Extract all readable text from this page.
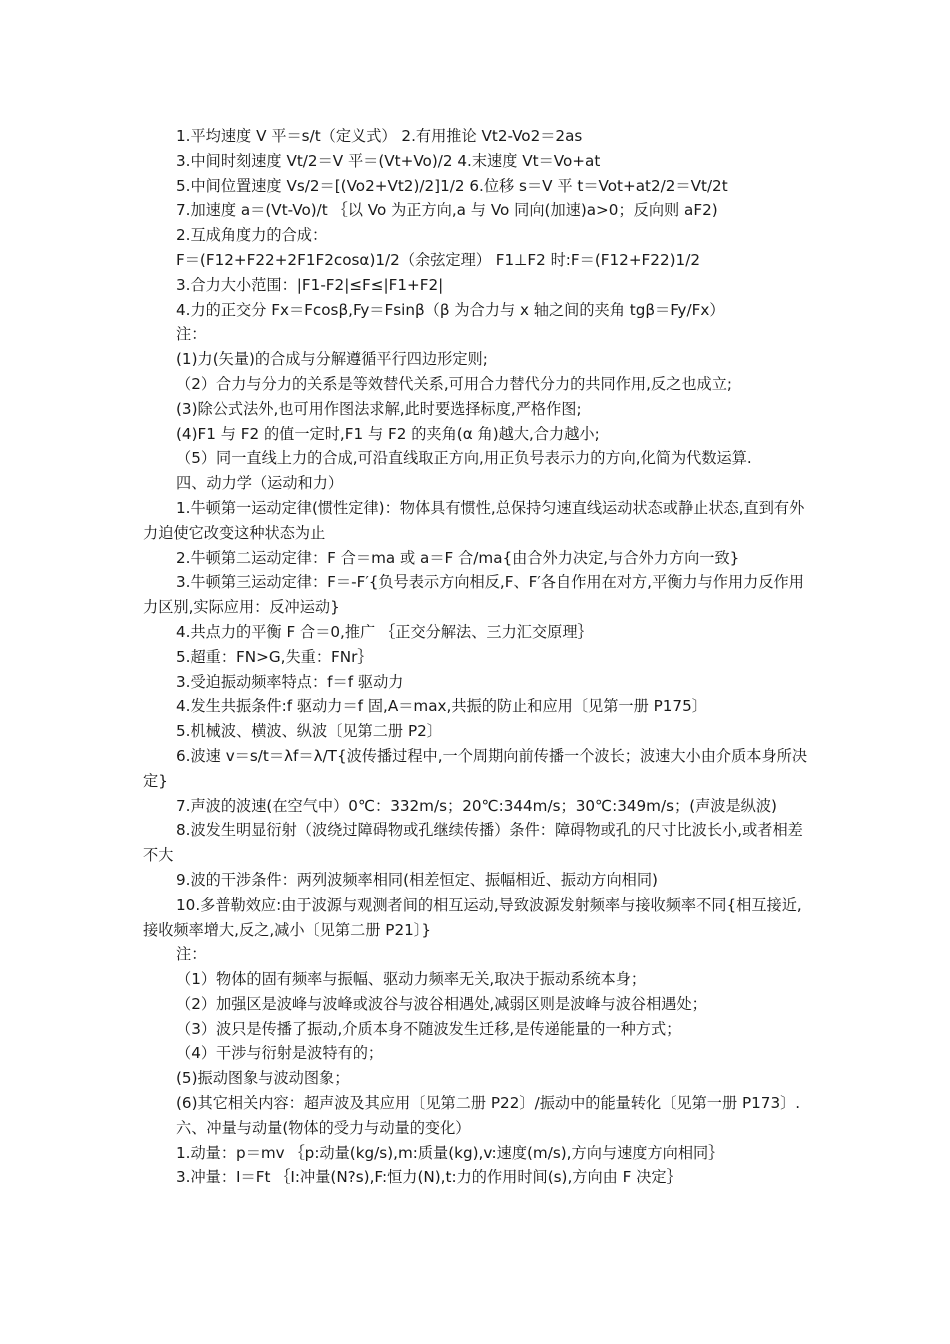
1.平均速度 V 平＝s/t（定义式） 2.有用推论 Vt2-Vo2＝2as
3.中间时刻速度 Vt/2＝V 平＝(Vt+Vo)/2 4.末速度 Vt＝Vo+at
5.中间位置速度 Vs/2＝[(Vo2+Vt2)/2]1/2 6.位移 s＝V 平 t＝Vot+at2/2＝Vt/2t
7.加速度 a＝(Vt-Vo)/t ｛以 Vo 为正方向,a 与 Vo 同向(加速)a>0；反向则 aF2)
2.互成角度力的合成：
F＝(F12+F22+2F1F2cosα)1/2（余弦定理） F1⊥F2 时:F＝(F12+F22)1/2
3.合力大小范围：|F1-F2|≤F≤|F1+F2|
4.力的正交分 Fx＝Fcosβ,Fy＝Fsinβ（β 为合力与 x 轴之间的夹角 tgβ＝Fy/Fx）
注：
(1)力(矢量)的合成与分解遵循平行四边形定则;
（2）合力与分力的关系是等效替代关系,可用合力替代分力的共同作用,反之也成立;
(3)除公式法外,也可用作图法求解,此时要选择标度,严格作图;
(4)F1 与 F2 的值一定时,F1 与 F2 的夹角(α 角)越大,合力越小;
（5）同一直线上力的合成,可沿直线取正方向,用正负号表示力的方向,化简为代数运算.
四、动力学（运动和力）
1.牛顿第一运动定律(惯性定律)：物体具有惯性,总保持匀速直线运动状态或静止状态,直到有外力迫使它改变这种状态为止
2.牛顿第二运动定律：F 合＝ma 或 a＝F 合/ma{由合外力决定,与合外力方向一致}
3.牛顿第三运动定律：F＝-F′{负号表示方向相反,F、F′各自作用在对方,平衡力与作用力反作用力区别,实际应用：反冲运动}
4.共点力的平衡 F 合＝0,推广 ｛正交分解法、三力汇交原理｝
5.超重：FN>G,失重：FNr｝
3.受迫振动频率特点：f＝f 驱动力
4.发生共振条件:f 驱动力＝f 固,A＝max,共振的防止和应用〔见第一册 P175〕
5.机械波、横波、纵波〔见第二册 P2〕
6.波速 v＝s/t＝λf＝λ/T{波传播过程中,一个周期向前传播一个波长；波速大小由介质本身所决定}
7.声波的波速(在空气中）0℃：332m/s；20℃:344m/s；30℃:349m/s；(声波是纵波)
8.波发生明显衍射（波绕过障碍物或孔继续传播）条件：障碍物或孔的尺寸比波长小,或者相差不大
9.波的干涉条件：两列波频率相同(相差恒定、振幅相近、振动方向相同)
10.多普勒效应:由于波源与观测者间的相互运动,导致波源发射频率与接收频率不同{相互接近,接收频率增大,反之,减小〔见第二册 P21〕}
注：
（1）物体的固有频率与振幅、驱动力频率无关,取决于振动系统本身；
（2）加强区是波峰与波峰或波谷与波谷相遇处,减弱区则是波峰与波谷相遇处；
（3）波只是传播了振动,介质本身不随波发生迁移,是传递能量的一种方式；
（4）干涉与衍射是波特有的；
(5)振动图象与波动图象；
(6)其它相关内容：超声波及其应用〔见第二册 P22〕/振动中的能量转化〔见第一册 P173〕.
六、冲量与动量(物体的受力与动量的变化）
1.动量：p＝mv ｛p:动量(kg/s),m:质量(kg),v:速度(m/s),方向与速度方向相同｝
3.冲量：I＝Ft ｛I:冲量(N?s),F:恒力(N),t:力的作用时间(s),方向由 F 决定｝
